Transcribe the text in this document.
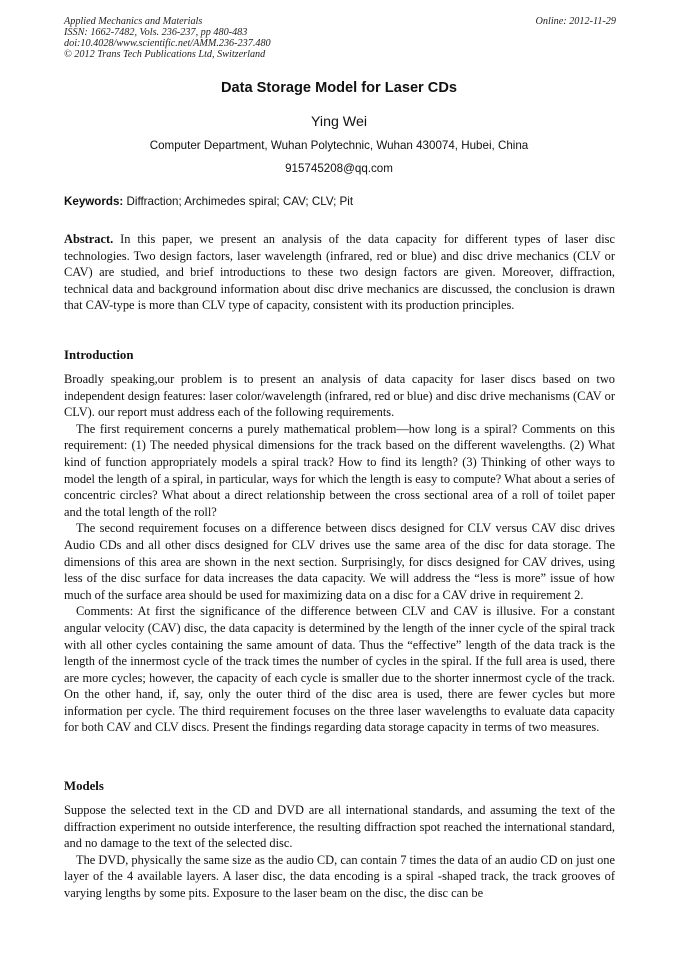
Applied Mechanics and Materials
ISSN: 1662-7482, Vols. 236-237, pp 480-483
doi:10.4028/www.scientific.net/AMM.236-237.480
© 2012 Trans Tech Publications Ltd, Switzerland
Online: 2012-11-29
Data Storage Model for Laser CDs
Ying Wei
Computer Department, Wuhan Polytechnic, Wuhan 430074, Hubei, China
915745208@qq.com
Keywords: Diffraction; Archimedes spiral; CAV; CLV; Pit

Abstract. In this paper, we present an analysis of the data capacity for different types of laser disc technologies. Two design factors, laser wavelength (infrared, red or blue) and disc drive mechanics (CLV or CAV) are studied, and brief introductions to these two design factors are given. Moreover, diffraction, technical data and background information about disc drive mechanics are discussed, the conclusion is drawn that CAV-type is more than CLV type of capacity, consistent with its production principles.

Introduction

Broadly speaking,our problem is to present an analysis of data capacity for laser discs based on two independent design features: laser color/wavelength (infrared, red or blue) and disc drive mechanisms (CAV or CLV). our report must address each of the following requirements.

The first requirement concerns a purely mathematical problem—how long is a spiral? Comments on this requirement: (1) The needed physical dimensions for the track based on the different wavelengths. (2) What kind of function appropriately models a spiral track? How to find its length? (3) Thinking of other ways to model the length of a spiral, in particular, ways for which the length is easy to compute? What about a series of concentric circles? What about a direct relationship between the cross sectional area of a roll of toilet paper and the total length of the roll?

The second requirement focuses on a difference between discs designed for CLV versus CAV disc drives Audio CDs and all other discs designed for CLV drives use the same area of the disc for data storage. The dimensions of this area are shown in the next section. Surprisingly, for discs designed for CAV drives, using less of the disc surface for data increases the data capacity. We will address the “less is more” issue of how much of the surface area should be used for maximizing data on a disc for a CAV drive in requirement 2.

Comments: At first the significance of the difference between CLV and CAV is illusive. For a constant angular velocity (CAV) disc, the data capacity is determined by the length of the inner cycle of the spiral track with all other cycles containing the same amount of data. Thus the “effective” length of the data track is the length of the innermost cycle of the track times the number of cycles in the spiral. If the full area is used, there are more cycles; however, the capacity of each cycle is smaller due to the shorter innermost cycle of the track. On the other hand, if, say, only the outer third of the disc area is used, there are fewer cycles but more information per cycle. The third requirement focuses on the three laser wavelengths to evaluate data capacity for both CAV and CLV discs. Present the findings regarding data storage capacity in terms of two measures.

Models

Suppose the selected text in the CD and DVD are all international standards, and assuming the text of the diffraction experiment no outside interference, the resulting diffraction spot reached the international standard, and no damage to the text of the selected disc.

The DVD, physically the same size as the audio CD, can contain 7 times the data of an audio CD on just one layer of the 4 available layers. A laser disc, the data encoding is a spiral -shaped track, the track grooves of varying lengths by some pits. Exposure to the laser beam on the disc, the disc can be
